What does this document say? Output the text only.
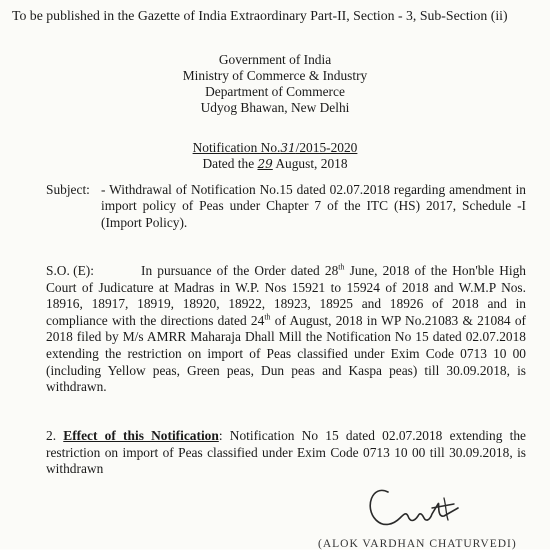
To be published in the Gazette of India Extraordinary Part-II, Section - 3, Sub-Section (ii)
Government of India
Ministry of Commerce & Industry
Department of Commerce
Udyog Bhawan, New Delhi
Notification No.31/2015-2020
Dated the 29 August, 2018
Subject: - Withdrawal of Notification No.15 dated 02.07.2018 regarding amendment in import policy of Peas under Chapter 7 of the ITC (HS) 2017, Schedule -I (Import Policy).
S.O. (E):	In pursuance of the Order dated 28th June, 2018 of the Hon'ble High Court of Judicature at Madras in W.P. Nos 15921 to 15924 of 2018 and W.M.P Nos. 18916, 18917, 18919, 18920, 18922, 18923, 18925 and 18926 of 2018 and in compliance with the directions dated 24th of August, 2018 in WP No.21083 & 21084 of 2018 filed by M/s AMRR Maharaja Dhall Mill the Notification No 15 dated 02.07.2018 extending the restriction on import of Peas classified under Exim Code 0713 10 00 (including Yellow peas, Green peas, Dun peas and Kaspa peas) till 30.09.2018, is withdrawn.
2. Effect of this Notification: Notification No 15 dated 02.07.2018 extending the restriction on import of Peas classified under Exim Code 0713 10 00 till 30.09.2018, is withdrawn
(ALOK VARDHAN CHATURVEDI)
